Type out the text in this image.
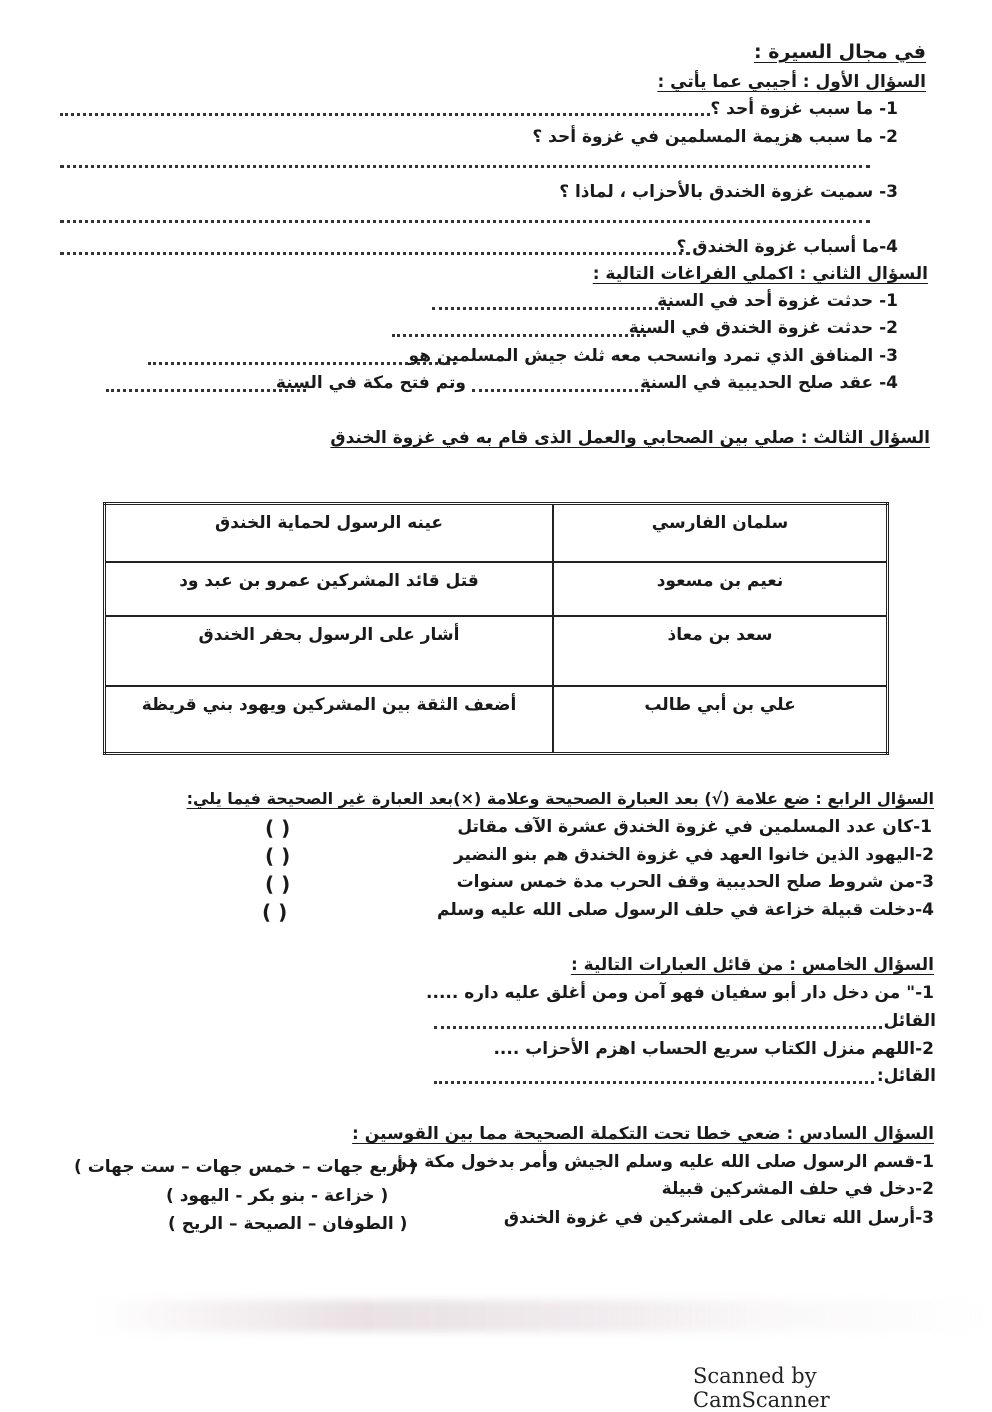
في مجال السيرة :
السؤال الأول : أجيبي عما يأتي :
1- ما سبب غزوة أحد ؟
2- ما سبب هزيمة المسلمين في غزوة أحد ؟
3- سميت غزوة الخندق بالأحزاب ، لماذا ؟
4-ما أسباب غزوة الخندق ؟
السؤال الثاني : اكملي الفراغات التالية :
1- حدثت غزوة أحد في السنة
2- حدثت غزوة الخندق في السنة
3- المنافق الذي تمرد وانسحب معه ثلث جيش المسلمين هو
4- عقد صلح الحديبية في السنة
وتم فتح مكة في السنة
السؤال الثالث : صلي بين الصحابي والعمل الذى قام به في غزوة الخندق
سلمان الفارسي	عينه الرسول لحماية الخندق
نعيم بن مسعود	قتل قائد المشركين عمرو بن عبد ود
سعد بن معاذ	أشار على الرسول بحفر الخندق
علي بن أبي طالب	أضعف الثقة بين المشركين ويهود بني قريظة
السؤال الرابع : ضع علامة (√) بعد العبارة الصحيحة وعلامة (×)بعد العبارة غير الصحيحة فيما يلي:
1-كان عدد المسلمين في غزوة الخندق عشرة الآف مقاتل
( )
2-اليهود الذين خانوا العهد في غزوة الخندق هم بنو النضير
( )
3-من شروط صلح الحديبية وقف الحرب مدة خمس سنوات
( )
4-دخلت قبيلة خزاعة في حلف الرسول صلى الله عليه وسلم
( )
السؤال الخامس : من قائل العبارات التالية :
1-" من دخل دار أبو سفيان فهو آمن ومن أغلق عليه داره .....
القائل
2-اللهم منزل الكتاب سريع الحساب اهزم الأحزاب ....
القائل:
السؤال السادس : ضعي خطا تحت التكملة الصحيحة مما بين القوسين :
1-قسم الرسول صلى الله عليه وسلم الجيش وأمر بدخول مكة من
( أربع جهات – خمس جهات – ست جهات )
2-دخل في حلف المشركين قبيلة
( خزاعة - بنو بكر - اليهود )
3-أرسل الله تعالى على المشركين في غزوة الخندق
( الطوفان – الصيحة – الريح )
Scanned by CamScanner
